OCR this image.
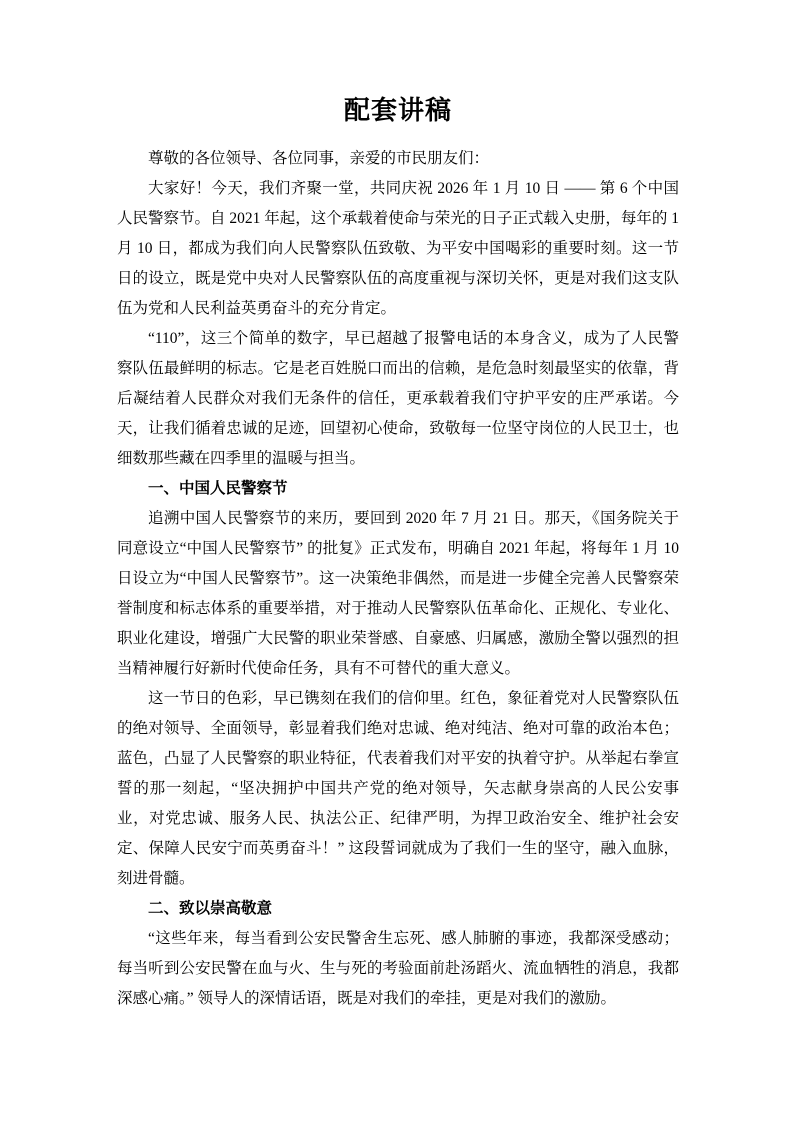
配套讲稿

尊敬的各位领导、各位同事，亲爱的市民朋友们：

大家好！今天，我们齐聚一堂，共同庆祝 2026 年 1 月 10 日 —— 第 6 个中国人民警察节。自 2021 年起，这个承载着使命与荣光的日子正式载入史册，每年的 1 月 10 日，都成为我们向人民警察队伍致敬、为平安中国喝彩的重要时刻。这一节日的设立，既是党中央对人民警察队伍的高度重视与深切关怀，更是对我们这支队伍为党和人民利益英勇奋斗的充分肯定。

“110”，这三个简单的数字，早已超越了报警电话的本身含义，成为了人民警察队伍最鲜明的标志。它是老百姓脱口而出的信赖，是危急时刻最坚实的依靠，背后凝结着人民群众对我们无条件的信任，更承载着我们守护平安的庄严承诺。今天，让我们循着忠诚的足迹，回望初心使命，致敬每一位坚守岗位的人民卫士，也细数那些藏在四季里的温暖与担当。

一、中国人民警察节

追溯中国人民警察节的来历，要回到 2020 年 7 月 21 日。那天，《国务院关于同意设立“中国人民警察节” 的批复》正式发布，明确自 2021 年起，将每年 1 月 10 日设立为“中国人民警察节”。这一决策绝非偶然，而是进一步健全完善人民警察荣誉制度和标志体系的重要举措，对于推动人民警察队伍革命化、正规化、专业化、职业化建设，增强广大民警的职业荣誉感、自豪感、归属感，激励全警以强烈的担当精神履行好新时代使命任务，具有不可替代的重大意义。

这一节日的色彩，早已镌刻在我们的信仰里。红色，象征着党对人民警察队伍的绝对领导、全面领导，彰显着我们绝对忠诚、绝对纯洁、绝对可靠的政治本色；蓝色，凸显了人民警察的职业特征，代表着我们对平安的执着守护。从举起右拳宣誓的那一刻起，“坚决拥护中国共产党的绝对领导，矢志献身崇高的人民公安事业，对党忠诚、服务人民、执法公正、纪律严明，为捍卫政治安全、维护社会安定、保障人民安宁而英勇奋斗！” 这段誓词就成为了我们一生的坚守，融入血脉，刻进骨髓。

二、致以崇高敬意

“这些年来，每当看到公安民警舍生忘死、感人肺腑的事迹，我都深受感动；每当听到公安民警在血与火、生与死的考验面前赴汤蹈火、流血牺牲的消息，我都深感心痛。” 领导人的深情话语，既是对我们的牵挂，更是对我们的激励。
